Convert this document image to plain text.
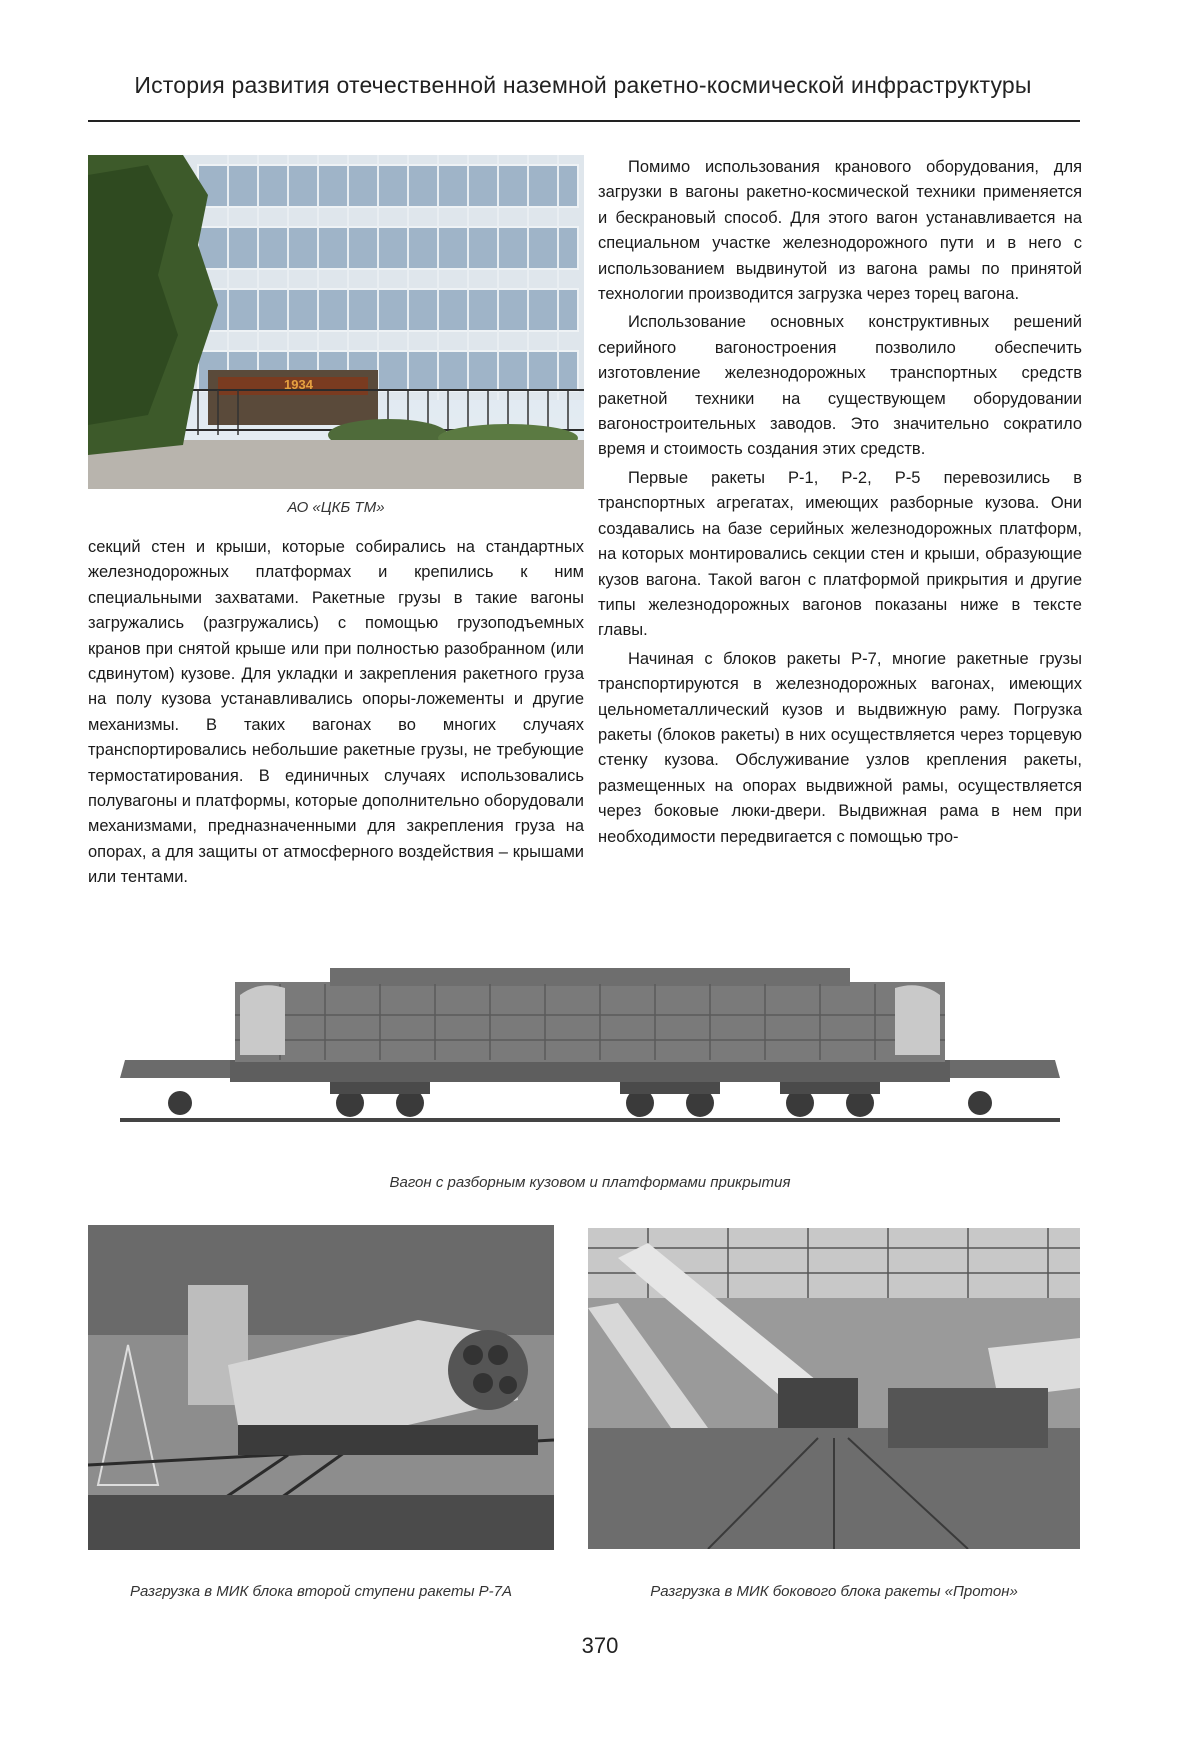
История развития отечественной наземной ракетно-космической инфраструктуры
1934
АО «ЦКБ ТМ»

секций стен и крыши, которые собирались на стандартных железнодорожных платформах и крепились к ним специальными захватами. Ракетные грузы в такие вагоны загружались (разгружались) с помощью грузоподъемных кранов при снятой крыше или при полностью разобранном (или сдвинутом) кузове. Для укладки и закрепления ракетного груза на полу кузова устанавливались опоры-ложементы и другие механизмы. В таких вагонах во многих случаях транспортировались небольшие ракетные грузы, не требующие термостатирования. В единичных случаях использовались полувагоны и платформы, которые дополнительно оборудовали механизмами, предназначенными для закрепления груза на опорах, а для защиты от атмосферного воздействия – крышами или тентами.

Помимо использования кранового оборудования, для загрузки в вагоны ракетно-космической техники применяется и бескрановый способ. Для этого вагон устанавливается на специальном участке железнодорожного пути и в него с использованием выдвинутой из вагона рамы по принятой технологии производится загрузка через торец вагона.

Использование основных конструктивных решений серийного вагоностроения позволило обеспечить изготовление железнодорожных транспортных средств ракетной техники на существующем оборудовании вагоностроительных заводов. Это значительно сократило время и стоимость создания этих средств.

Первые ракеты Р-1, Р-2, Р-5 перевозились в транспортных агрегатах, имеющих разборные кузова. Они создавались на базе серийных железнодорожных платформ, на которых монтировались секции стен и крыши, образующие кузов вагона. Такой вагон с платформой прикрытия и другие типы железнодорожных вагонов показаны ниже в тексте главы.

Начиная с блоков ракеты Р-7, многие ракетные грузы транспортируются в железнодорожных вагонах, имеющих цельнометаллический кузов и выдвижную раму. Погрузка ракеты (блоков ракеты) в них осуществляется через торцевую стенку кузова. Обслуживание узлов крепления ракеты, размещенных на опорах выдвижной рамы, осуществляется через боковые люки-двери. Выдвижная рама в нем при необходимости передвигается с помощью тро-

Вагон с разборным кузовом и платформами прикрытия
Разгрузка в МИК блока второй ступени ракеты Р-7А	Разгрузка в МИК бокового блока ракеты «Протон»
370
